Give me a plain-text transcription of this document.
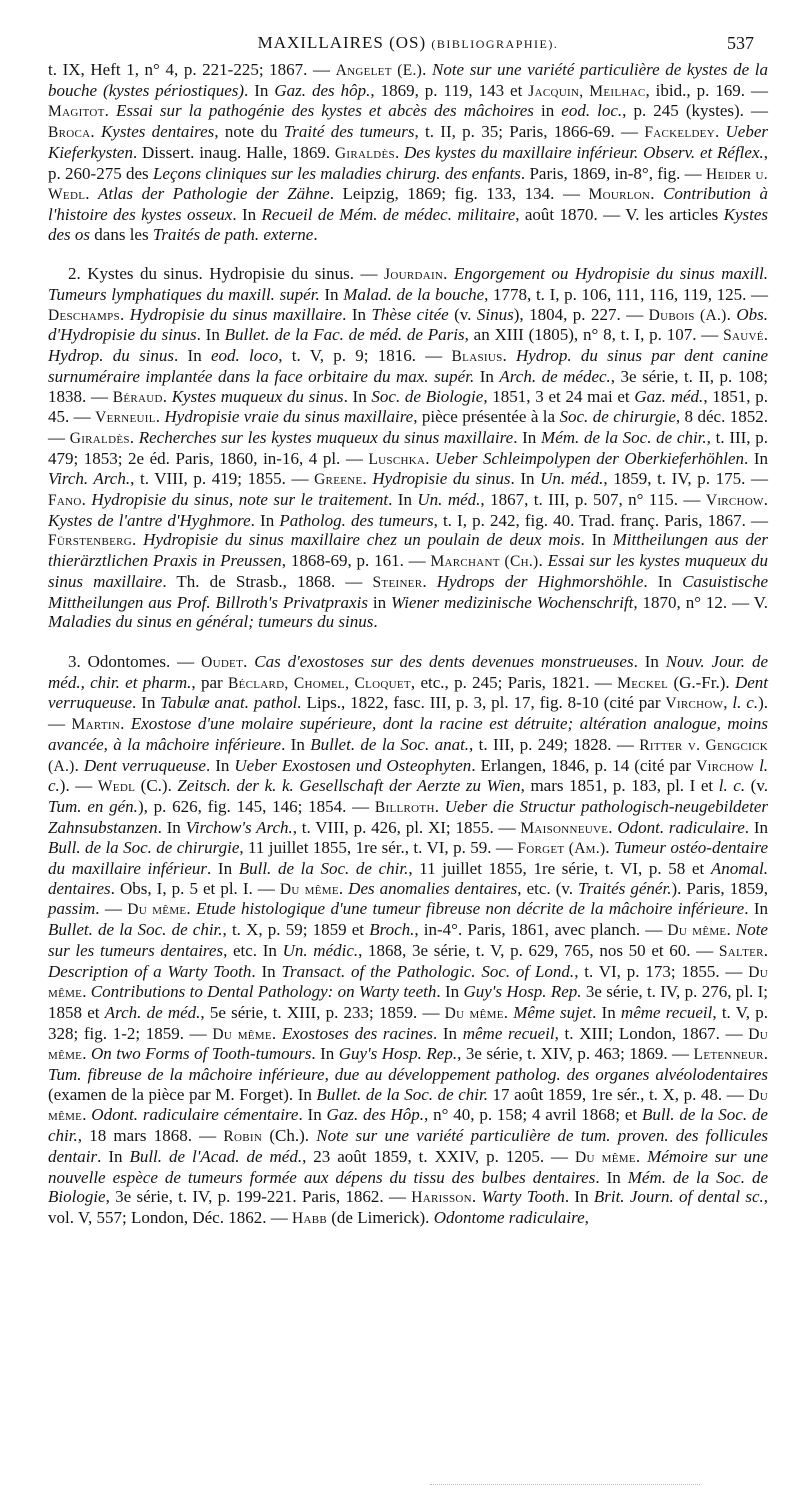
MAXILLAIRES (OS) (BIBLIOGRAPHIE).	537

t. IX, Heft 1, n° 4, p. 221-225; 1867. — Angelet (E.). Note sur une variété particulière de kystes de la bouche (kystes périostiques). In Gaz. des hôp., 1869, p. 119, 143 et Jacquin, Meilhac, ibid., p. 169. — Magitot. Essai sur la pathogénie des kystes et abcès des mâchoires in eod. loc., p. 245 (kystes). — Broca. Kystes dentaires, note du Traité des tumeurs, t. II, p. 35; Paris, 1866-69. — Fackeldey. Ueber Kieferkysten. Dissert. inaug. Halle, 1869. Giraldès. Des kystes du maxillaire inférieur. Observ. et Réflex., p. 260-275 des Leçons cliniques sur les maladies chirurg. des enfants. Paris, 1869, in-8°, fig. — Heider u. Wedl. Atlas der Pathologie der Zähne. Leipzig, 1869; fig. 133, 134. — Mourlon. Contribution à l'histoire des kystes osseux. In Recueil de Mém. de médec. militaire, août 1870. — V. les articles Kystes des os dans les Traités de path. externe.

2. Kystes du sinus. Hydropisie du sinus. — Jourdain. Engorgement ou Hydropisie du sinus maxill. Tumeurs lymphatiques du maxill. supér. In Malad. de la bouche, 1778, t. I, p. 106, 111, 116, 119, 125. — Deschamps. Hydropisie du sinus maxillaire. In Thèse citée (v. Sinus), 1804, p. 227. — Dubois (A.). Obs. d'Hydropisie du sinus. In Bullet. de la Fac. de méd. de Paris, an XIII (1805), n° 8, t. I, p. 107. — Sauvé. Hydrop. du sinus. In eod. loco, t. V, p. 9; 1816. — Blasius. Hydrop. du sinus par dent canine surnuméraire implantée dans la face orbitaire du max. supér. In Arch. de médec., 3e série, t. II, p. 108; 1838. — Béraud. Kystes muqueux du sinus. In Soc. de Biologie, 1851, 3 et 24 mai et Gaz. méd., 1851, p. 45. — Verneuil. Hydropisie vraie du sinus maxillaire, pièce présentée à la Soc. de chirurgie, 8 déc. 1852. — Giraldès. Recherches sur les kystes muqueux du sinus maxillaire. In Mém. de la Soc. de chir., t. III, p. 479; 1853; 2e éd. Paris, 1860, in-16, 4 pl. — Luschka. Ueber Schleimpolypen der Oberkieferhöhlen. In Virch. Arch., t. VIII, p. 419; 1855. — Greene. Hydropisie du sinus. In Un. méd., 1859, t. IV, p. 175. — Fano. Hydropisie du sinus, note sur le traitement. In Un. méd., 1867, t. III, p. 507, n° 115. — Virchow. Kystes de l'antre d'Hyghmore. In Patholog. des tumeurs, t. I, p. 242, fig. 40. Trad. franç. Paris, 1867. — Fürstenberg. Hydropisie du sinus maxillaire chez un poulain de deux mois. In Mittheilungen aus der thierärztlichen Praxis in Preussen, 1868-69, p. 161. — Marchant (Ch.). Essai sur les kystes muqueux du sinus maxillaire. Th. de Strasb., 1868. — Steiner. Hydrops der Highmorshöhle. In Casuistische Mittheilungen aus Prof. Billroth's Privatpraxis in Wiener medizinische Wochenschrift, 1870, n° 12. — V. Maladies du sinus en général; tumeurs du sinus.

3. Odontomes. — Oudet. Cas d'exostoses sur des dents devenues monstrueuses. In Nouv. Jour. de méd., chir. et pharm., par Béclard, Chomel, Cloquet, etc., p. 245; Paris, 1821. — Meckel (G.-Fr.). Dent verruqueuse. In Tabulæ anat. pathol. Lips., 1822, fasc. III, p. 3, pl. 17, fig. 8-10 (cité par Virchow, l. c.). — Martin. Exostose d'une molaire supérieure, dont la racine est détruite; altération analogue, moins avancée, à la mâchoire inférieure. In Bullet. de la Soc. anat., t. III, p. 249; 1828. — Ritter v. Gengcick (A.). Dent verruqueuse. In Ueber Exostosen und Osteophyten. Erlangen, 1846, p. 14 (cité par Virchow l. c.). — Wedl (C.). Zeitsch. der k. k. Gesellschaft der Aerzte zu Wien, mars 1851, p. 183, pl. I et l. c. (v. Tum. en gén.), p. 626, fig. 145, 146; 1854. — Billroth. Ueber die Structur pathologisch-neugebildeter Zahnsubstanzen. In Virchow's Arch., t. VIII, p. 426, pl. XI; 1855. — Maisonneuve. Odont. radiculaire. In Bull. de la Soc. de chirurgie, 11 juillet 1855, 1re sér., t. VI, p. 59. — Forget (Am.). Tumeur ostéo-dentaire du maxillaire inférieur. In Bull. de la Soc. de chir., 11 juillet 1855, 1re série, t. VI, p. 58 et Anomal. dentaires. Obs, I, p. 5 et pl. I. — Du même. Des anomalies dentaires, etc. (v. Traités génér.). Paris, 1859, passim. — Du même. Etude histologique d'une tumeur fibreuse non décrite de la mâchoire inférieure. In Bullet. de la Soc. de chir., t. X, p. 59; 1859 et Broch., in-4°. Paris, 1861, avec planch. — Du même. Note sur les tumeurs dentaires, etc. In Un. médic., 1868, 3e série, t. V, p. 629, 765, nos 50 et 60. — Salter. Description of a Warty Tooth. In Transact. of the Pathologic. Soc. of Lond., t. VI, p. 173; 1855. — Du même. Contributions to Dental Pathology: on Warty teeth. In Guy's Hosp. Rep. 3e série, t. IV, p. 276, pl. I; 1858 et Arch. de méd., 5e série, t. XIII, p. 233; 1859. — Du même. Même sujet. In même recueil, t. V, p. 328; fig. 1-2; 1859. — Du même. Exostoses des racines. In même recueil, t. XIII; London, 1867. — Du même. On two Forms of Tooth-tumours. In Guy's Hosp. Rep., 3e série, t. XIV, p. 463; 1869. — Letenneur. Tum. fibreuse de la mâchoire inférieure, due au développement patholog. des organes alvéolodentaires (examen de la pièce par M. Forget). In Bullet. de la Soc. de chir. 17 août 1859, 1re sér., t. X, p. 48. — Du même. Odont. radiculaire cémentaire. In Gaz. des Hôp., n° 40, p. 158; 4 avril 1868; et Bull. de la Soc. de chir., 18 mars 1868. — Robin (Ch.). Note sur une variété particulière de tum. proven. des follicules dentair. In Bull. de l'Acad. de méd., 23 août 1859, t. XXIV, p. 1205. — Du même. Mémoire sur une nouvelle espèce de tumeurs formée aux dépens du tissu des bulbes dentaires. In Mém. de la Soc. de Biologie, 3e série, t. IV, p. 199-221. Paris, 1862. — Harisson. Warty Tooth. In Brit. Journ. of dental sc., vol. V, 557; London, Déc. 1862. — Habb (de Limerick). Odontome radiculaire,
